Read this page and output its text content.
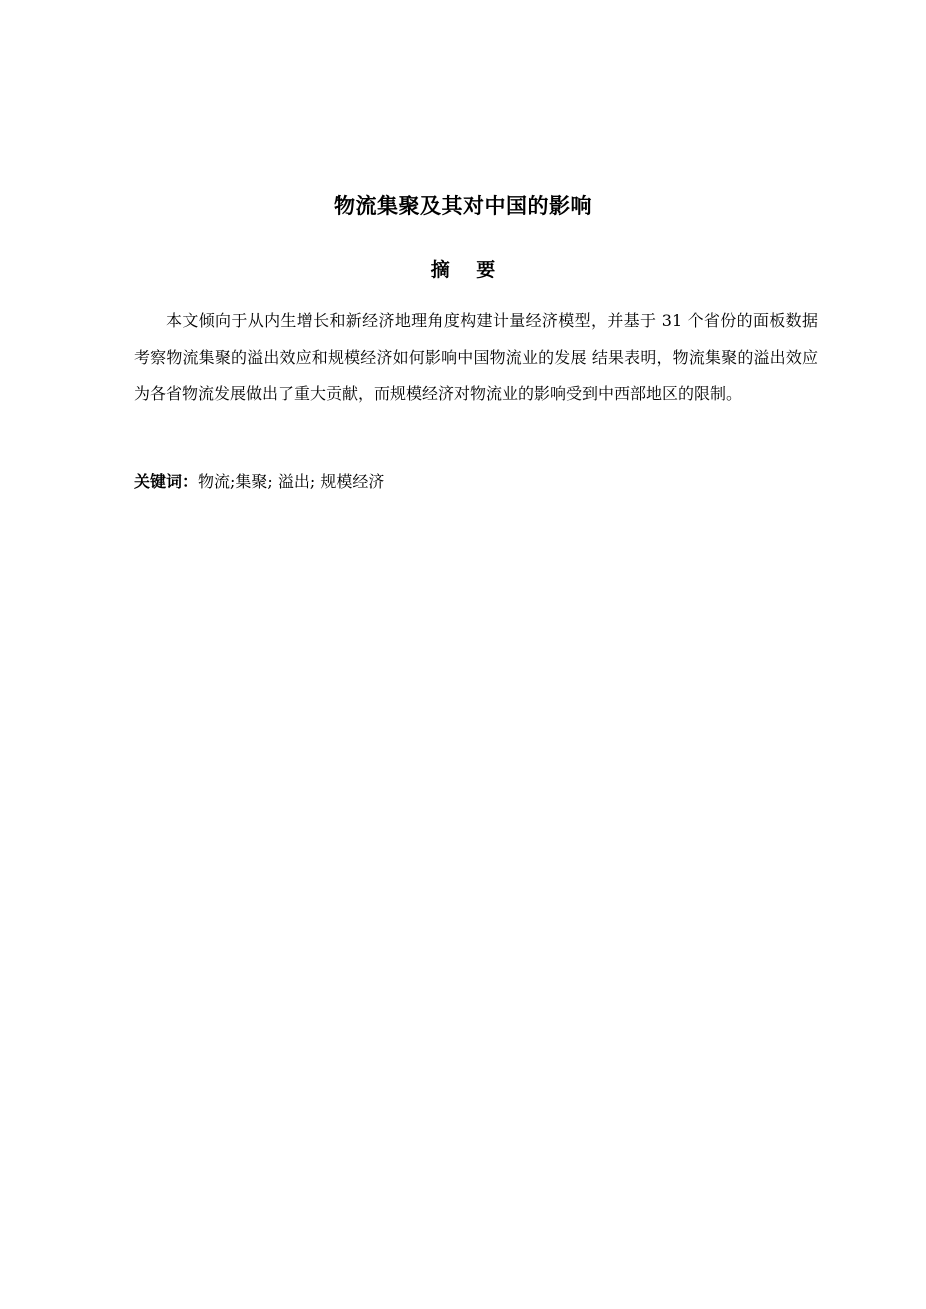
物流集聚及其对中国的影响
摘 要

本文倾向于从内生增长和新经济地理角度构建计量经济模型，并基于 31 个省份的面板数据考察物流集聚的溢出效应和规模经济如何影响中国物流业的发展 结果表明，物流集聚的溢出效应为各省物流发展做出了重大贡献，而规模经济对物流业的影响受到中西部地区的限制。

关键词：物流;集聚; 溢出; 规模经济
